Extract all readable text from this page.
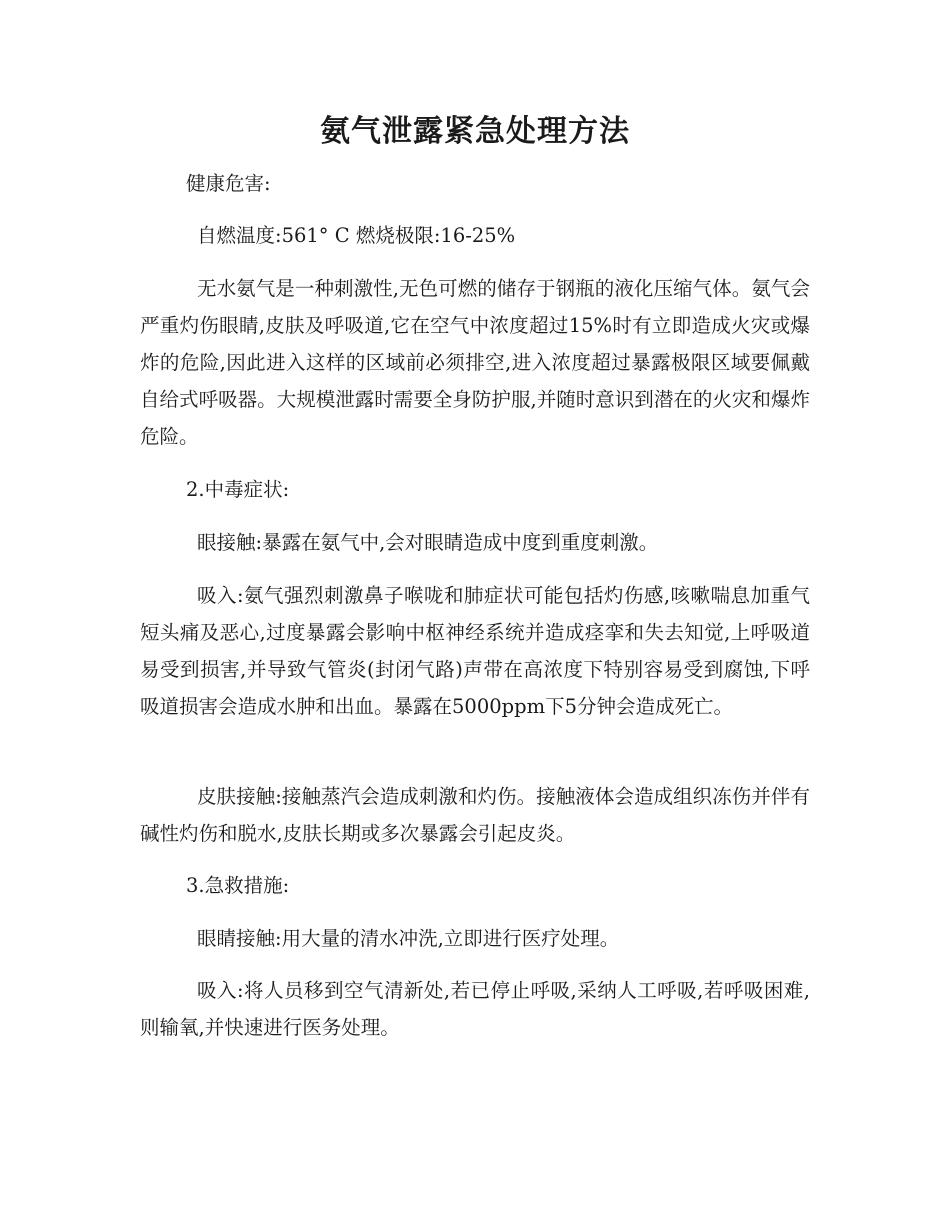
氨气泄露紧急处理方法
健康危害:
自燃温度:561° C 燃烧极限:16-25%
无水氨气是一种刺激性,无色可燃的储存于钢瓶的液化压缩气体。氨气会严重灼伤眼睛,皮肤及呼吸道,它在空气中浓度超过15%时有立即造成火灾或爆炸的危险,因此进入这样的区域前必须排空,进入浓度超过暴露极限区域要佩戴自给式呼吸器。大规模泄露时需要全身防护服,并随时意识到潜在的火灾和爆炸危险。
2.中毒症状:
眼接触:暴露在氨气中,会对眼睛造成中度到重度刺激。
吸入:氨气强烈刺激鼻子喉咙和肺症状可能包括灼伤感,咳嗽喘息加重气短头痛及恶心,过度暴露会影响中枢神经系统并造成痉挛和失去知觉,上呼吸道易受到损害,并导致气管炎(封闭气路)声带在高浓度下特别容易受到腐蚀,下呼吸道损害会造成水肿和出血。暴露在5000ppm下5分钟会造成死亡。
皮肤接触:接触蒸汽会造成刺激和灼伤。接触液体会造成组织冻伤并伴有碱性灼伤和脱水,皮肤长期或多次暴露会引起皮炎。
3.急救措施:
眼睛接触:用大量的清水冲洗,立即进行医疗处理。
吸入:将人员移到空气清新处,若已停止呼吸,采纳人工呼吸,若呼吸困难,则输氧,并快速进行医务处理。
